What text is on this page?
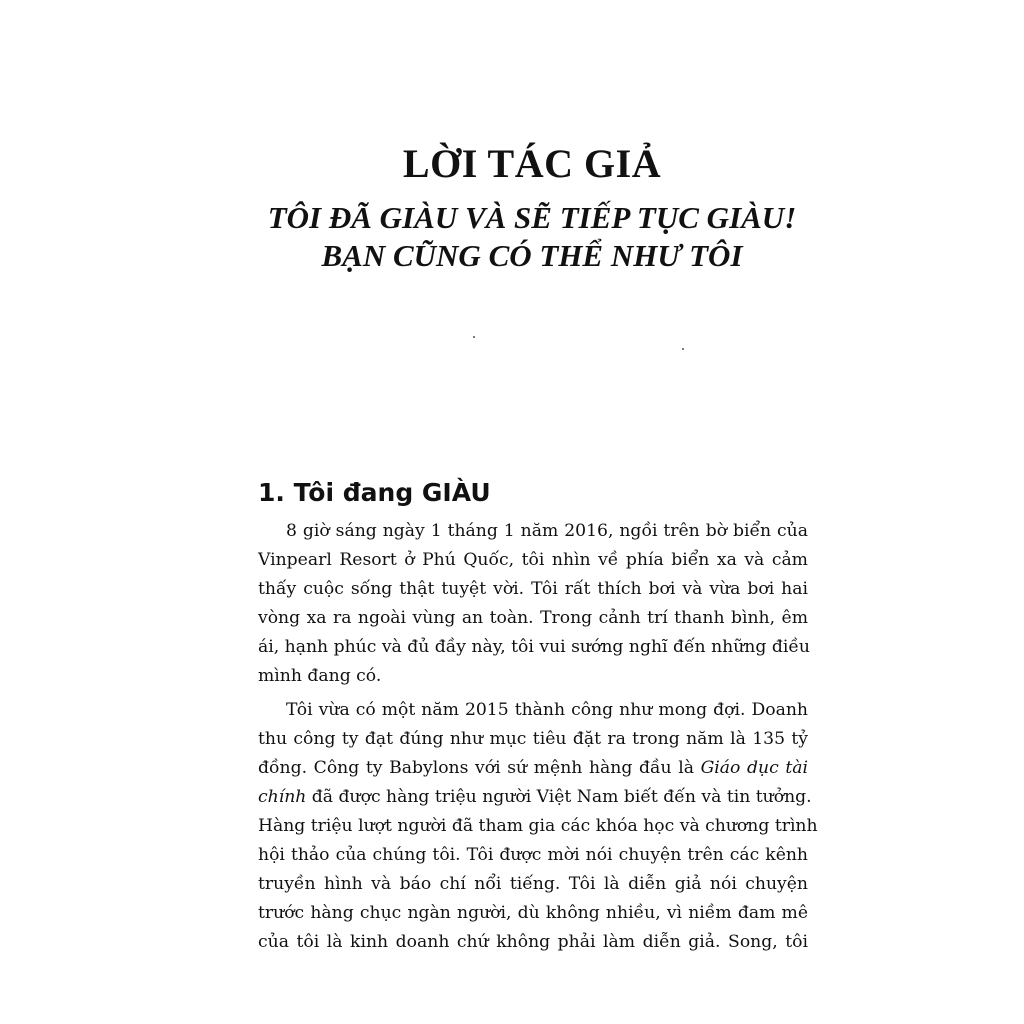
LỜI TÁC GIẢ
TÔI ĐÃ GIÀU VÀ SẼ TIẾP TỤC GIÀU!
BẠN CŨNG CÓ THỂ NHƯ TÔI
1. Tôi đang GIÀU

8 giờ sáng ngày 1 tháng 1 năm 2016, ngồi trên bờ biển của

Vinpearl Resort ở Phú Quốc, tôi nhìn về phía biển xa và cảm

thấy cuộc sống thật tuyệt vời. Tôi rất thích bơi và vừa bơi hai

vòng xa ra ngoài vùng an toàn. Trong cảnh trí thanh bình, êm

ái, hạnh phúc và đủ đầy này, tôi vui sướng nghĩ đến những điều

mình đang có.

Tôi vừa có một năm 2015 thành công như mong đợi. Doanh

thu công ty đạt đúng như mục tiêu đặt ra trong năm là 135 tỷ

đồng. Công ty Babylons với sứ mệnh hàng đầu là Giáo dục tài

chính đã được hàng triệu người Việt Nam biết đến và tin tưởng.

Hàng triệu lượt người đã tham gia các khóa học và chương trình

hội thảo của chúng tôi. Tôi được mời nói chuyện trên các kênh

truyền hình và báo chí nổi tiếng. Tôi là diễn giả nói chuyện

trước hàng chục ngàn người, dù không nhiều, vì niềm đam mê

của tôi là kinh doanh chứ không phải làm diễn giả. Song, tôi
